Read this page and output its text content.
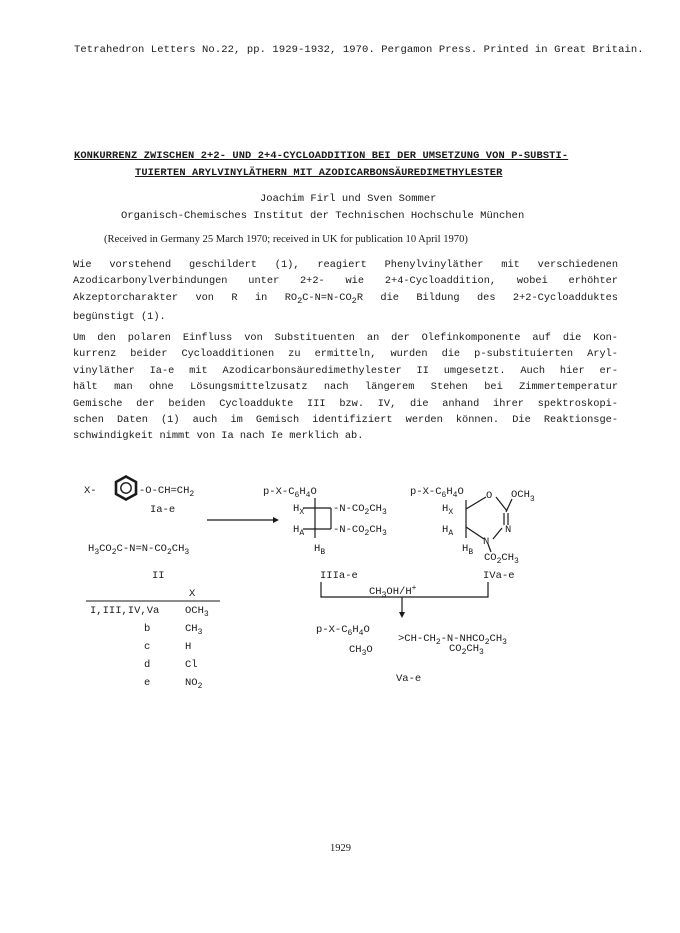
Tetrahedron Letters No.22, pp. 1929-1932, 1970. Pergamon Press. Printed in Great Britain.
KONKURRENZ ZWISCHEN 2+2- UND 2+4-CYCLOADDITION BEI DER UMSETZUNG VON P-SUBSTI-
TUIERTEN ARYLVINYLÄTHERN MIT AZODICARBONSÄUREDIMETHYLESTER
Joachim Firl und Sven Sommer
Organisch-Chemisches Institut der Technischen Hochschule München
(Received in Germany 25 March 1970; received in UK for publication 10 April 1970)
Wie vorstehend geschildert (1), reagiert Phenylvinyläther mit verschiedenen
Azodicarbonylverbindungen unter 2+2- wie 2+4-Cycloaddition, wobei erhöhter
Akzeptorcharakter von R in $RO_2C-N=N-CO_2R$ die Bildung des 2+2-Cycloadduktes
begünstigt (1).
Um den polaren Einfluss von Substituenten an der Olefinkomponente auf die Kon-
kurrenz beider Cycloadditionen zu ermitteln, wurden die p-substituierten Aryl-
vinyläther Ia-e mit Azodicarbonsäuredimethylester II umgesetzt. Auch hier er-
hält man ohne Lösungsmittelzusatz nach längerem Stehen bei Zimmertemperatur
Gemische der beiden Cycloaddukte III bzw. IV, die anhand ihrer spektroskopi-
schen Daten (1) auch im Gemisch identifiziert werden können. Die Reaktionsge-
schwindigkeit nimmt von Ia nach Ie merklich ab.
X-	$-O-CH=CH_2$
Ia-e
$H_3CO_2C-N=N-CO_2CH_3$
II
X
I,III,IV,Va $OCH_3$
b	$CH_3$
c	H
d	Cl
e	$NO_2$
$p-X-C_6H_4O$
$H_X$
$H_A$
$-N-CO_2CH_3$
$-N-CO_2CH_3$
$H_B$
IIIa-e
$p-X-C_6H_4O$ O $OCH_3$
$H_X$
$H_A$	N
N
$H_B$ $CO_2CH_3$
IVa-e
$CH_3OH/H^+$
$p-X-C_6H_4O$
$>CH-CH_2-N-NHCO_2CH_3$
$CH_3O$	$CO_2CH_3$
Va-e
1929
